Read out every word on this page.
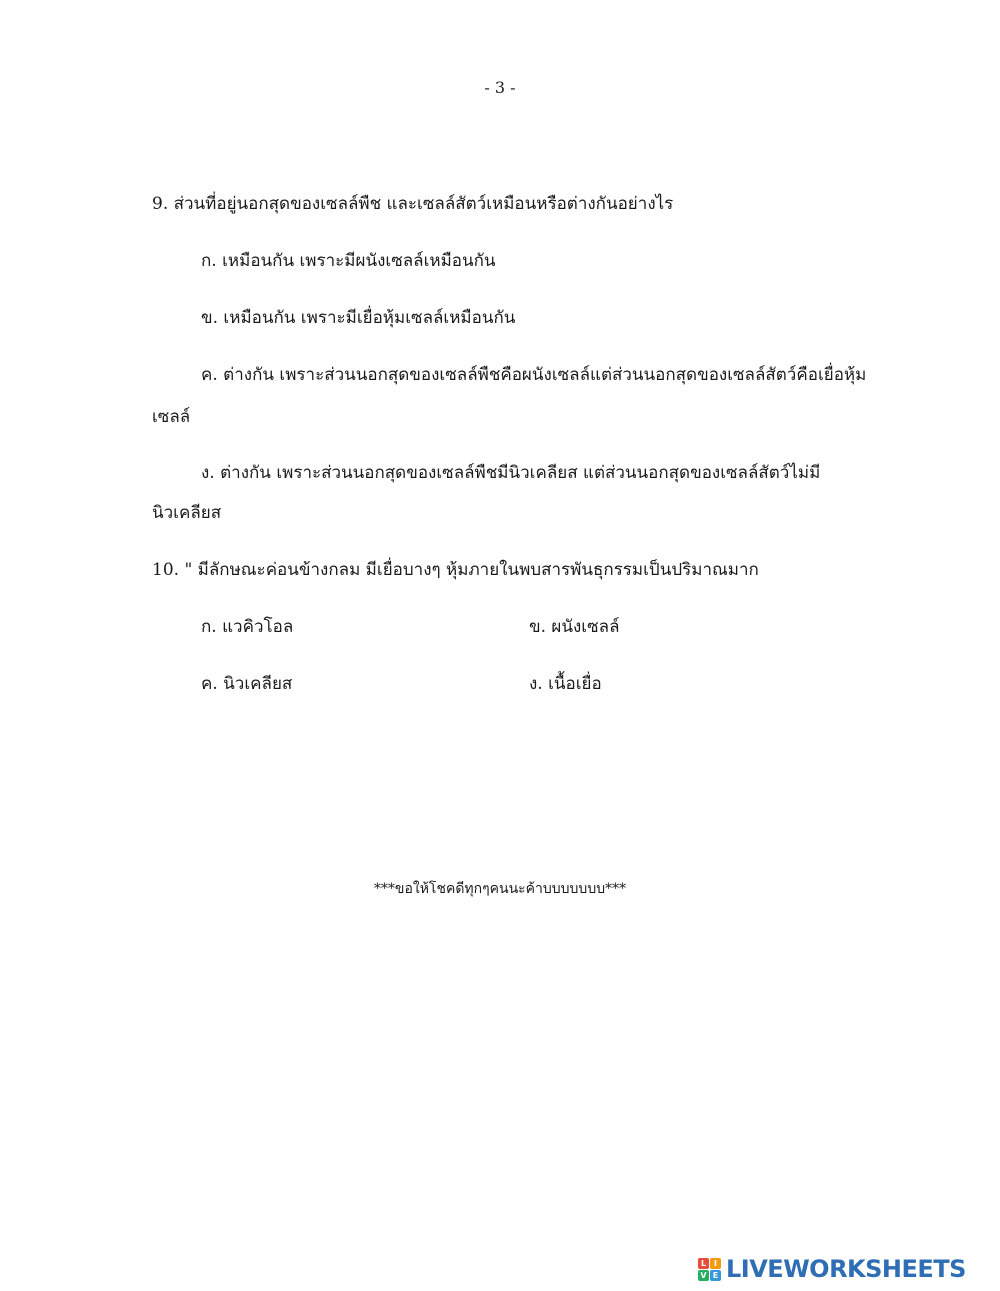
- 3 -
9. ส่วนที่อยู่นอกสุดของเซลล์พืช และเซลล์สัตว์เหมือนหรือต่างกันอย่างไร
ก. เหมือนกัน เพราะมีผนังเซลล์เหมือนกัน
ข. เหมือนกัน เพราะมีเยื่อหุ้มเซลล์เหมือนกัน
ค. ต่างกัน เพราะส่วนนอกสุดของเซลล์พืชคือผนังเซลล์แต่ส่วนนอกสุดของเซลล์สัตว์คือเยื่อหุ้ม
เซลล์
ง. ต่างกัน เพราะส่วนนอกสุดของเซลล์พืชมีนิวเคลียส แต่ส่วนนอกสุดของเซลล์สัตว์ไม่มี
นิวเคลียส
10. " มีลักษณะค่อนข้างกลม มีเยื่อบางๆ หุ้มภายในพบสารพันธุกรรมเป็นปริมาณมาก
ก. แวคิวโอล	ข. ผนังเซลล์
ค. นิวเคลียส	ง. เนื้อเยื่อ
***ขอให้โชคดีทุกๆคนนะค้าบบบบบบบ***
L I
V E LIVEWORKSHEETS
